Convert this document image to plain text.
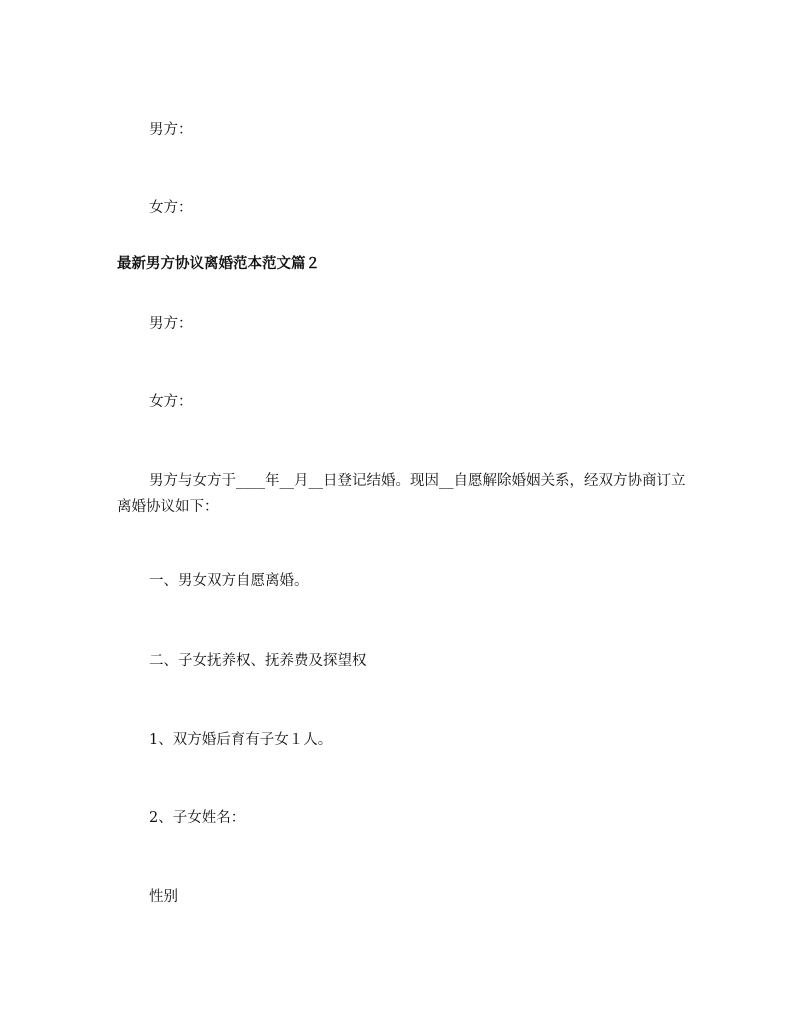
男方：
女方：
最新男方协议离婚范本范文篇２
男方：
女方：
男方与女方于____年__月__日登记结婚。现因__自愿解除婚姻关系，经双方协商订立离婚协议如下：
一、男女双方自愿离婚。
二、子女抚养权、抚养费及探望权
1、双方婚后育有子女１人。
2、子女姓名：
性别
